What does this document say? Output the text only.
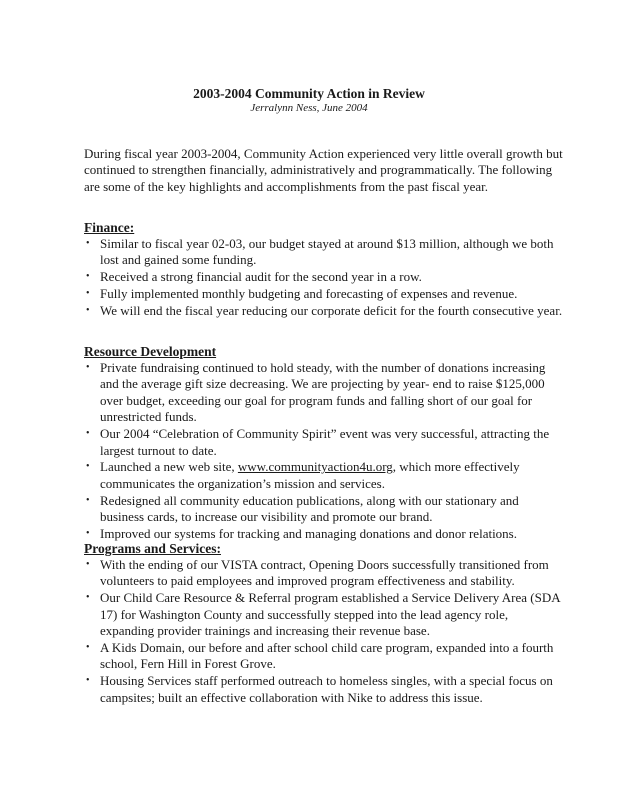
2003-2004 Community Action in Review
Jerralynn Ness, June 2004

During fiscal year 2003-2004, Community Action experienced very little overall growth but continued to strengthen financially, administratively and programmatically. The following are some of the key highlights and accomplishments from the past fiscal year.

Finance:
• Similar to fiscal year 02-03, our budget stayed at around $13 million, although we both lost and gained some funding.
• Received a strong financial audit for the second year in a row.
• Fully implemented monthly budgeting and forecasting of expenses and revenue.
• We will end the fiscal year reducing our corporate deficit for the fourth consecutive year.
Resource Development
• Private fundraising continued to hold steady, with the number of donations increasing and the average gift size decreasing. We are projecting by year- end to raise $125,000 over budget, exceeding our goal for program funds and falling short of our goal for unrestricted funds.
• Our 2004 “Celebration of Community Spirit” event was very successful, attracting the largest turnout to date.
• Launched a new web site, www.communityaction4u.org, which more effectively communicates the organization’s mission and services.
• Redesigned all community education publications, along with our stationary and business cards, to increase our visibility and promote our brand.
• Improved our systems for tracking and managing donations and donor relations.
Programs and Services:
• With the ending of our VISTA contract, Opening Doors successfully transitioned from volunteers to paid employees and improved program effectiveness and stability.
• Our Child Care Resource & Referral program established a Service Delivery Area (SDA 17) for Washington County and successfully stepped into the lead agency role, expanding provider trainings and increasing their revenue base.
• A Kids Domain, our before and after school child care program, expanded into a fourth school, Fern Hill in Forest Grove.
• Housing Services staff performed outreach to homeless singles, with a special focus on campsites; built an effective collaboration with Nike to address this issue.
